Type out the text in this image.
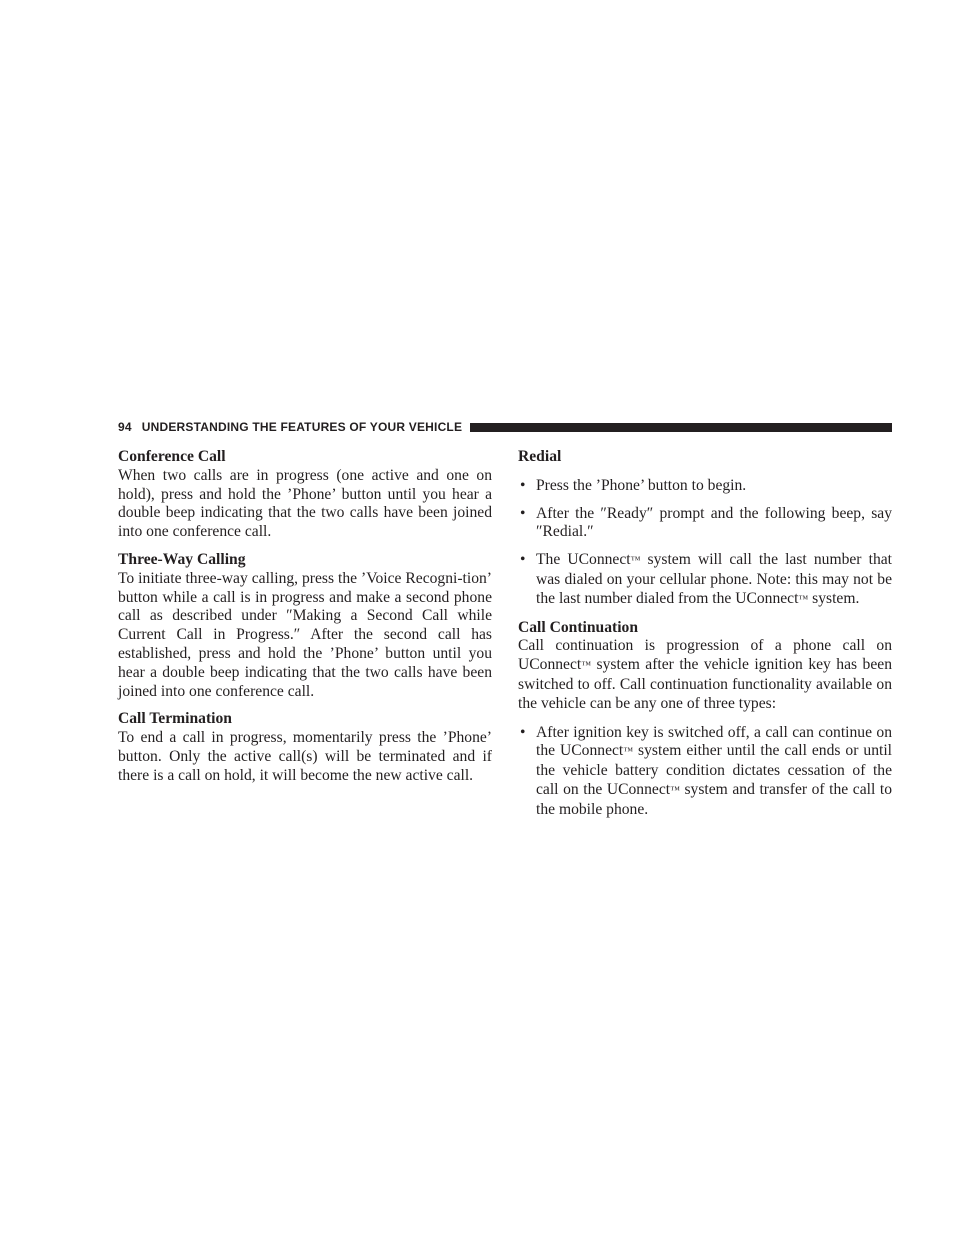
94 UNDERSTANDING THE FEATURES OF YOUR VEHICLE

Conference Call

When two calls are in progress (one active and one on hold), press and hold the ’Phone’ button until you hear a double beep indicating that the two calls have been joined into one conference call.

Three-Way Calling

To initiate three-way calling, press the ’Voice Recogni-tion’ button while a call is in progress and make a second phone call as described under ″Making a Second Call while Current Call in Progress.″ After the second call has established, press and hold the ’Phone’ button until you hear a double beep indicating that the two calls have been joined into one conference call.

Call Termination

To end a call in progress, momentarily press the ’Phone’ button. Only the active call(s) will be terminated and if there is a call on hold, it will become the new active call.

Redial

• Press the ’Phone’ button to begin.
• After the ″Ready″ prompt and the following beep, say ″Redial.″
• The UConnect™ system will call the last number that was dialed on your cellular phone. Note: this may not be the last number dialed from the UConnect™ system.

Call Continuation

Call continuation is progression of a phone call on UConnect™ system after the vehicle ignition key has been switched to off. Call continuation functionality available on the vehicle can be any one of three types:

• After ignition key is switched off, a call can continue on the UConnect™ system either until the call ends or until the vehicle battery condition dictates cessation of the call on the UConnect™ system and transfer of the call to the mobile phone.
